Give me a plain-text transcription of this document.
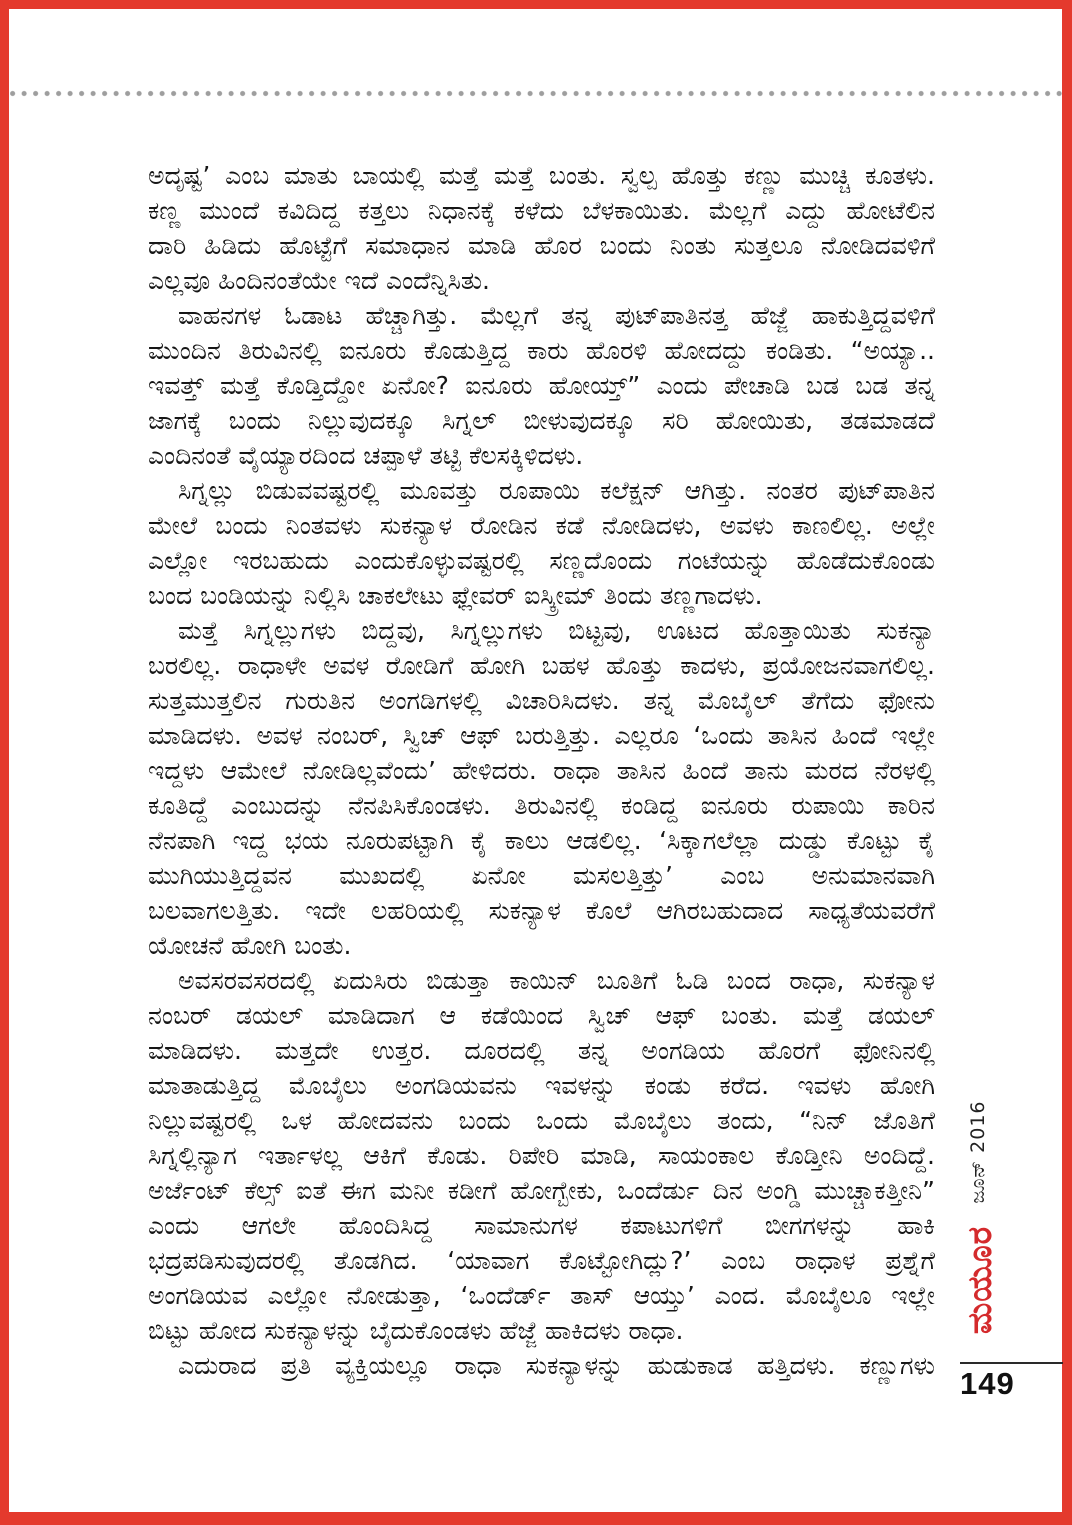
ಅದೃಷ್ಟ’ ಎಂಬ ಮಾತು ಬಾಯಲ್ಲಿ ಮತ್ತೆ ಮತ್ತೆ ಬಂತು. ಸ್ವಲ್ಪ ಹೊತ್ತು ಕಣ್ಣು ಮುಚ್ಚಿ ಕೂತಳು.
ಕಣ್ಣ ಮುಂದೆ ಕವಿದಿದ್ದ ಕತ್ತಲು ನಿಧಾನಕ್ಕೆ ಕಳೆದು ಬೆಳಕಾಯಿತು. ಮೆಲ್ಲಗೆ ಎದ್ದು ಹೋಟೆಲಿನ
ದಾರಿ ಹಿಡಿದು ಹೊಟ್ಟೆಗೆ ಸಮಾಧಾನ ಮಾಡಿ ಹೊರ ಬಂದು ನಿಂತು ಸುತ್ತಲೂ ನೋಡಿದವಳಿಗೆ
ಎಲ್ಲವೂ ಹಿಂದಿನಂತೆಯೇ ಇದೆ ಎಂದೆನ್ನಿಸಿತು.
ವಾಹನಗಳ ಓಡಾಟ ಹೆಚ್ಚಾಗಿತ್ತು. ಮೆಲ್ಲಗೆ ತನ್ನ ಪುಟ್‌ಪಾತಿನತ್ತ ಹೆಜ್ಜೆ ಹಾಕುತ್ತಿದ್ದವಳಿಗೆ
ಮುಂದಿನ ತಿರುವಿನಲ್ಲಿ ಐನೂರು ಕೊಡುತ್ತಿದ್ದ ಕಾರು ಹೊರಳಿ ಹೋದದ್ದು ಕಂಡಿತು. “ಅಯ್ಯಾ..
ಇವತ್ತ್ ಮತ್ತೆ ಕೊಡ್ತಿದ್ದೋ ಏನೋ? ಐನೂರು ಹೋಯ್ತ್” ಎಂದು ಪೇಚಾಡಿ ಬಡ ಬಡ ತನ್ನ
ಜಾಗಕ್ಕೆ ಬಂದು ನಿಲ್ಲುವುದಕ್ಕೂ ಸಿಗ್ನಲ್ ಬೀಳುವುದಕ್ಕೂ ಸರಿ ಹೋಯಿತು, ತಡಮಾಡದೆ
ಎಂದಿನಂತೆ ವೈಯ್ಯಾರದಿಂದ ಚಪ್ಪಾಳೆ ತಟ್ಟಿ ಕೆಲಸಕ್ಕಿಳಿದಳು.
ಸಿಗ್ನಲ್ಲು ಬಿಡುವವಷ್ಟರಲ್ಲಿ ಮೂವತ್ತು ರೂಪಾಯಿ ಕಲೆಕ್ಷನ್ ಆಗಿತ್ತು. ನಂತರ ಪುಟ್‌ಪಾತಿನ
ಮೇಲೆ ಬಂದು ನಿಂತವಳು ಸುಕನ್ಯಾಳ ರೋಡಿನ ಕಡೆ ನೋಡಿದಳು, ಅವಳು ಕಾಣಲಿಲ್ಲ. ಅಲ್ಲೇ
ಎಲ್ಲೋ ಇರಬಹುದು ಎಂದುಕೊಳ್ಳುವಷ್ಟರಲ್ಲಿ ಸಣ್ಣದೊಂದು ಗಂಟೆಯನ್ನು ಹೊಡೆದುಕೊಂಡು
ಬಂದ ಬಂಡಿಯನ್ನು ನಿಲ್ಲಿಸಿ ಚಾಕಲೇಟು ಫ್ಲೇವರ್ ಐಸ್ಕ್ರೀಮ್ ತಿಂದು ತಣ್ಣಗಾದಳು.
ಮತ್ತೆ ಸಿಗ್ನಲ್ಲುಗಳು ಬಿದ್ದವು, ಸಿಗ್ನಲ್ಲುಗಳು ಬಿಟ್ಟವು, ಊಟದ ಹೊತ್ತಾಯಿತು ಸುಕನ್ಯಾ
ಬರಲಿಲ್ಲ. ರಾಧಾಳೇ ಅವಳ ರೋಡಿಗೆ ಹೋಗಿ ಬಹಳ ಹೊತ್ತು ಕಾದಳು, ಪ್ರಯೋಜನವಾಗಲಿಲ್ಲ.
ಸುತ್ತಮುತ್ತಲಿನ ಗುರುತಿನ ಅಂಗಡಿಗಳಲ್ಲಿ ವಿಚಾರಿಸಿದಳು. ತನ್ನ ಮೊಬೈಲ್ ತೆಗೆದು ಫೋನು
ಮಾಡಿದಳು. ಅವಳ ನಂಬರ್, ಸ್ವಿಚ್ ಆಫ್ ಬರುತ್ತಿತ್ತು. ಎಲ್ಲರೂ ‘ಒಂದು ತಾಸಿನ ಹಿಂದೆ ಇಲ್ಲೇ
ಇದ್ದಳು ಆಮೇಲೆ ನೋಡಿಲ್ಲವೆಂದು’ ಹೇಳಿದರು. ರಾಧಾ ತಾಸಿನ ಹಿಂದೆ ತಾನು ಮರದ ನೆರಳಲ್ಲಿ
ಕೂತಿದ್ದೆ ಎಂಬುದನ್ನು ನೆನಪಿಸಿಕೊಂಡಳು. ತಿರುವಿನಲ್ಲಿ ಕಂಡಿದ್ದ ಐನೂರು ರುಪಾಯಿ ಕಾರಿನ
ನೆನಪಾಗಿ ಇದ್ದ ಭಯ ನೂರುಪಟ್ಟಾಗಿ ಕೈ ಕಾಲು ಆಡಲಿಲ್ಲ. ‘ಸಿಕ್ಕಾಗಲೆಲ್ಲಾ ದುಡ್ಡು ಕೊಟ್ಟು ಕೈ
ಮುಗಿಯುತ್ತಿದ್ದವನ ಮುಖದಲ್ಲಿ ಏನೋ ಮಸಲತ್ತಿತ್ತು’ ಎಂಬ ಅನುಮಾನವಾಗಿ
ಬಲವಾಗಲತ್ತಿತು. ಇದೇ ಲಹರಿಯಲ್ಲಿ ಸುಕನ್ಯಾಳ ಕೊಲೆ ಆಗಿರಬಹುದಾದ ಸಾಧ್ಯತೆಯವರೆಗೆ
ಯೋಚನೆ ಹೋಗಿ ಬಂತು.
ಅವಸರವಸರದಲ್ಲಿ ಏದುಸಿರು ಬಿಡುತ್ತಾ ಕಾಯಿನ್ ಬೂತಿಗೆ ಓಡಿ ಬಂದ ರಾಧಾ, ಸುಕನ್ಯಾಳ
ನಂಬರ್ ಡಯಲ್ ಮಾಡಿದಾಗ ಆ ಕಡೆಯಿಂದ ಸ್ವಿಚ್ ಆಫ್ ಬಂತು. ಮತ್ತೆ ಡಯಲ್
ಮಾಡಿದಳು. ಮತ್ತದೇ ಉತ್ತರ. ದೂರದಲ್ಲಿ ತನ್ನ ಅಂಗಡಿಯ ಹೊರಗೆ ಫೋನಿನಲ್ಲಿ
ಮಾತಾಡುತ್ತಿದ್ದ ಮೊಬೈಲು ಅಂಗಡಿಯವನು ಇವಳನ್ನು ಕಂಡು ಕರೆದ. ಇವಳು ಹೋಗಿ
ನಿಲ್ಲುವಷ್ಟರಲ್ಲಿ ಒಳ ಹೋದವನು ಬಂದು ಒಂದು ಮೊಬೈಲು ತಂದು, “ನಿನ್ ಜೊತಿಗೆ
ಸಿಗ್ನಲ್ಲಿನ್ಯಾಗ ಇರ್ತಾಳಲ್ಲ ಆಕಿಗೆ ಕೊಡು. ರಿಪೇರಿ ಮಾಡಿ, ಸಾಯಂಕಾಲ ಕೊಡ್ತೀನಿ ಅಂದಿದ್ದೆ.
ಅರ್ಜೆಂಟ್ ಕೆಲ್ಸ್ ಐತೆ ಈಗ ಮನೀ ಕಡೀಗೆ ಹೋಗ್ಬೇಕು, ಒಂದೆರ್ಡು ದಿನ ಅಂಗ್ಡಿ ಮುಚ್ಚಾಕತ್ತೀನಿ”
ಎಂದು ಆಗಲೇ ಹೊಂದಿಸಿದ್ದ ಸಾಮಾನುಗಳ ಕಪಾಟುಗಳಿಗೆ ಬೀಗಗಳನ್ನು ಹಾಕಿ
ಭದ್ರಪಡಿಸುವುದರಲ್ಲಿ ತೊಡಗಿದ. ‘ಯಾವಾಗ ಕೊಟ್ಟೋಗಿದ್ಲು?’ ಎಂಬ ರಾಧಾಳ ಪ್ರಶ್ನೆಗೆ
ಅಂಗಡಿಯವ ಎಲ್ಲೋ ನೋಡುತ್ತಾ, ‘ಒಂದೆರ್ಡ್ ತಾಸ್ ಆಯ್ತು’ ಎಂದ. ಮೊಬೈಲೂ ಇಲ್ಲೇ
ಬಿಟ್ಟು ಹೋದ ಸುಕನ್ಯಾಳನ್ನು ಬೈದುಕೊಂಡಳು ಹೆಜ್ಜೆ ಹಾಕಿದಳು ರಾಧಾ.
ಎದುರಾದ ಪ್ರತಿ ವ್ಯಕ್ತಿಯಲ್ಲೂ ರಾಧಾ ಸುಕನ್ಯಾಳನ್ನು ಹುಡುಕಾಡ ಹತ್ತಿದಳು. ಕಣ್ಣುಗಳು
ಜೂನ್ 2016
ಮಯೂರ
149
